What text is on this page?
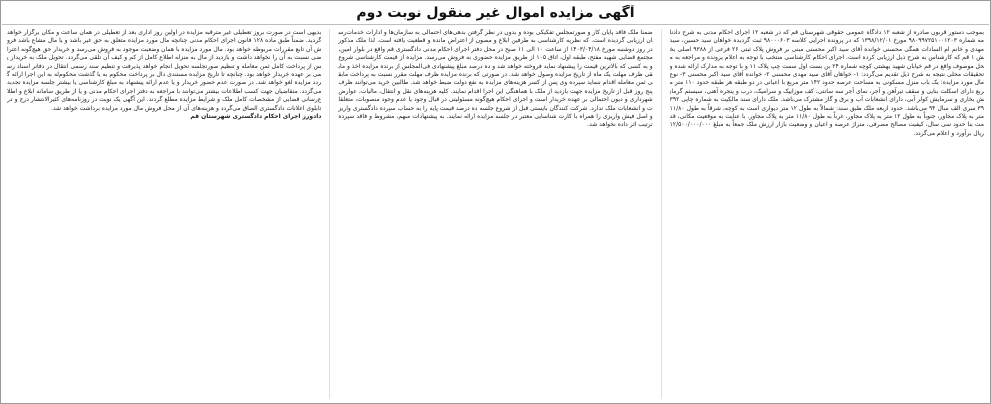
آگهی مزایده اموال غیر منقول نوبت دوم

بموجب دستور قربون صادره از شعبه ۱۲ دادگاه عمومی حقوقی شهرستان قم که در شعبه ۱۲ اجرای احکام مدنی به شرح دادنامه شماره ۹۸۰۹۹۷۲۵۱۰۰۱۲۰۳ مورخ ۱۳۹۸/۱۲/۰۱ که در پرونده اجرایی کلاسه ۹۸۰۰۰۶۰۳ ثبت گردیده خواهان سید حسین، سید مهدی و خانم ام السادات همگی محسنی خوانده آقای سید اکبر محسنی مبنی بر فروش پلاک ثبتی ۲۶ فرعی از ۹۳۸۸ اصلی بخش ۱ قم که کارشناس به شرح ذیل ارزیابی کرده است. اجرای احکام کارشناسی منتخب با توجه به اعلام پرونده و مراجعه به محل موصوف واقع در قم خیابان شهید بهشتی کوچه شماره ۲۴ بن بست اول سمت چپ پلاک ۱۱ و با توجه به مدارک ارائه شده و تحقیقات محلی نتیجه به شرح ذیل تقدیم می‌گردد: ۱- خواهان آقای سید مهدی محسنی ۲- خوانده آقای سید اکبر محسنی ۳- نوع مال مورد مزایده: یک باب منزل مسکونی به مساحت عرصه حدود ۱۴۲ متر مربع با اعیانی در دو طبقه هر طبقه حدود ۱۱۰ متر مربع دارای اسکلت بنایی و سقف تیرآهن و آجر، نمای آجر سه سانتی، کف موزاییک و سرامیک، درب و پنجره آهنی، سیستم گرمایش بخاری و سرمایش کولر آبی، دارای انشعابات آب و برق و گاز مشترک می‌باشد. ملک دارای سند مالکیت به شماره چاپی ۳۹۲۳۹ سری الف سال ۹۴ می‌باشد. حدود اربعه ملک طبق سند: شمالاً به طول ۱۲ متر دیواری است به کوچه، شرقاً به طول ۱۱/۸۰ متر به پلاک مجاور، جنوباً به طول ۱۲ متر به پلاک مجاور، غرباً به طول ۱۱/۸۰ متر به پلاک مجاور. با عنایت به موقعیت مکانی، قدمت بنا حدود سی سال، کیفیت مصالح مصرفی، متراژ عرصه و اعیان و وضعیت بازار ارزش ملک جمعاً به مبلغ ۱۲/۵۰۰/۰۰۰/۰۰۰ ریال برآورد و اعلام می‌گردد.

ضمناً ملک فاقد پایان کار و صورتمجلس تفکیکی بوده و بدون در نظر گرفتن بدهی‌های احتمالی به سازمان‌ها و ادارات خدمات‌رسان ارزیابی گردیده است. که نظریه کارشناسی به طرفین ابلاغ و مصون از اعتراض مانده و قطعیت یافته است. لذا ملک مذکور در روز دوشنبه مورخ ۱۴۰۳/۰۴/۱۸ از ساعت ۱۰ الی ۱۱ صبح در محل دفتر اجرای احکام مدنی دادگستری قم واقع در بلوار امین، مجتمع قضایی شهید مفتح، طبقه اول، اتاق ۱۰۵ از طریق مزایده حضوری به فروش می‌رسد. مزایده از قیمت کارشناسی شروع و به کسی که بالاترین قیمت را پیشنهاد نماید فروخته خواهد شد و ده درصد مبلغ پیشنهادی فی‌المجلس از برنده مزایده اخذ و مابقی ظرف مهلت یک ماه از تاریخ مزایده وصول خواهد شد. در صورتی که برنده مزایده ظرف مهلت مقرر نسبت به پرداخت مابقی ثمن معامله اقدام ننماید سپرده وی پس از کسر هزینه‌های مزایده به نفع دولت ضبط خواهد شد. طالبین خرید می‌توانند ظرف پنج روز قبل از تاریخ مزایده جهت بازدید از ملک با هماهنگی این اجرا اقدام نمایند. کلیه هزینه‌های نقل و انتقال، مالیات، عوارض شهرداری و دیون احتمالی بر عهده خریدار است و اجرای احکام هیچ‌گونه مسئولیتی در قبال وجود یا عدم وجود منصوبات، متعلقات و انشعابات ملک ندارد. شرکت کنندگان بایستی قبل از شروع جلسه ده درصد قیمت پایه را به حساب سپرده دادگستری واریز و اصل فیش واریزی را همراه با کارت شناسایی معتبر در جلسه مزایده ارائه نمایند. به پیشنهادات مبهم، مشروط و فاقد سپرده ترتیب اثر داده نخواهد شد.

بدیهی است در صورت بروز تعطیلی غیر مترقبه مزایده در اولین روز اداری بعد از تعطیلی در همان ساعت و مکان برگزار خواهد گردید. ضمناً طبق ماده ۱۲۸ قانون اجرای احکام مدنی چنانچه مال مورد مزایده متعلق به حق غیر باشد و یا مال مشاع باشد فروش آن تابع مقررات مربوطه خواهد بود. مال مورد مزایده با همان وضعیت موجود به فروش می‌رسد و خریدار حق هیچ‌گونه اعتراضی نسبت به آن را نخواهد داشت و بازدید از مال به منزله اطلاع کامل از کم و کیف آن تلقی می‌گردد. تحویل ملک به خریدار پس از پرداخت کامل ثمن معامله و تنظیم صورتجلسه تحویل انجام خواهد پذیرفت و تنظیم سند رسمی انتقال در دفاتر اسناد رسمی بر عهده خریدار خواهد بود. چنانچه تا تاریخ مزایده مستندی دال بر پرداخت محکوم به یا گذشت محکوم‌له به این اجرا ارائه گردد مزایده لغو خواهد شد. در صورت عدم حضور خریدار و یا عدم ارائه پیشنهاد به مبلغ کارشناسی یا بیشتر جلسه مزایده تجدید می‌گردد. متقاضیان جهت کسب اطلاعات بیشتر می‌توانند با مراجعه به دفتر اجرای احکام مدنی و یا از طریق سامانه ابلاغ و اطلاع‌رسانی قضایی از مشخصات کامل ملک و شرایط مزایده مطلع گردند. این آگهی یک نوبت در روزنامه‌های کثیرالانتشار درج و در تابلوی اعلانات دادگستری الصاق می‌گردد و هزینه‌های آن از محل فروش مال مورد مزایده برداشت خواهد شد.

دادورز اجرای احکام دادگستری شهرستان قم
